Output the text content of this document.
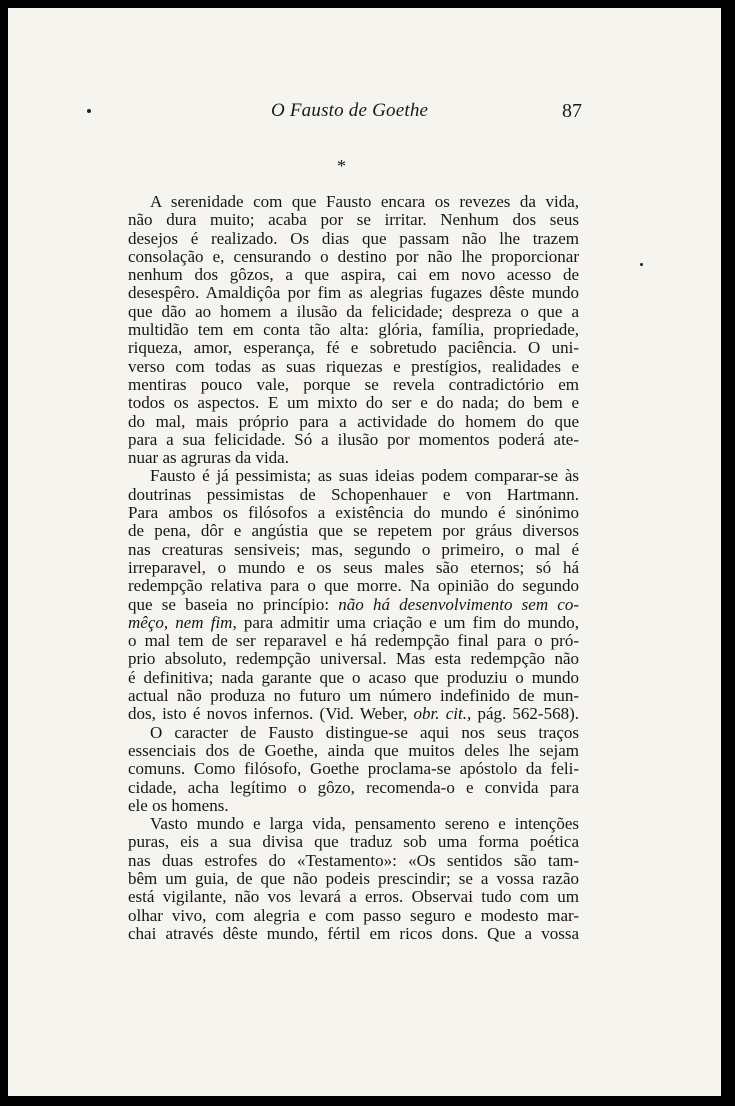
O Fausto de Goethe	87
*

A serenidade com que Fausto encara os revezes da vida,
não dura muito; acaba por se irritar. Nenhum dos seus
desejos é realizado. Os dias que passam não lhe trazem
consolação e, censurando o destino por não lhe proporcionar
nenhum dos gôzos, a que aspira, cai em novo acesso de
desespêro. Amaldiçôa por fim as alegrias fugazes dêste mundo
que dão ao homem a ilusão da felicidade; despreza o que a
multidão tem em conta tão alta: glória, família, propriedade,
riqueza, amor, esperança, fé e sobretudo paciência. O uni-
verso com todas as suas riquezas e prestígios, realidades e
mentiras pouco vale, porque se revela contradictório em
todos os aspectos. E um mixto do ser e do nada; do bem e
do mal, mais próprio para a actividade do homem do que
para a sua felicidade. Só a ilusão por momentos poderá ate-
nuar as agruras da vida.

Fausto é já pessimista; as suas ideias podem comparar-se às
doutrinas pessimistas de Schopenhauer e von Hartmann.
Para ambos os filósofos a existência do mundo é sinónimo
de pena, dôr e angústia que se repetem por gráus diversos
nas creaturas sensiveis; mas, segundo o primeiro, o mal é
irreparavel, o mundo e os seus males são eternos; só há
redempção relativa para o que morre. Na opinião do segundo
que se baseia no princípio: não há desenvolvimento sem co-
mêço, nem fim, para admitir uma criação e um fim do mundo,
o mal tem de ser reparavel e há redempção final para o pró-
prio absoluto, redempção universal. Mas esta redempção não
é definitiva; nada garante que o acaso que produziu o mundo
actual não produza no futuro um número indefinido de mun-
dos, isto é novos infernos. (Vid. Weber, obr. cit., pág. 562-568).

O caracter de Fausto distingue-se aqui nos seus traços
essenciais dos de Goethe, ainda que muitos deles lhe sejam
comuns. Como filósofo, Goethe proclama-se apóstolo da feli-
cidade, acha legítimo o gôzo, recomenda-o e convida para
ele os homens.

Vasto mundo e larga vida, pensamento sereno e intenções
puras, eis a sua divisa que traduz sob uma forma poética
nas duas estrofes do «Testamento»: «Os sentidos são tam-
bêm um guia, de que não podeis prescindir; se a vossa razão
está vigilante, não vos levará a erros. Observai tudo com um
olhar vivo, com alegria e com passo seguro e modesto mar-
chai através dêste mundo, fértil em ricos dons. Que a vossa
